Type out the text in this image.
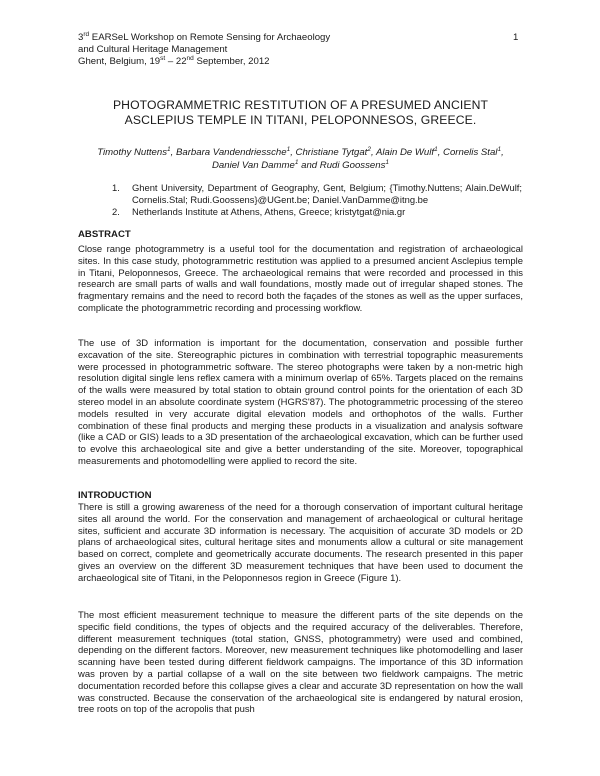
3rd EARSeL Workshop on Remote Sensing for Archaeology
and Cultural Heritage Management
Ghent, Belgium, 19st – 22nd September, 2012
1
PHOTOGRAMMETRIC RESTITUTION OF A PRESUMED ANCIENT
ASCLEPIUS TEMPLE IN TITANI, PELOPONNESOS, GREECE.
Timothy Nuttens$^1$, Barbara Vandendriessche$^1$, Christiane Tytgat$^2$, Alain De Wulf$^1$, Cornelis Stal$^1$,
Daniel Van Damme$^1$ and Rudi Goossens$^1$
1. Ghent University, Department of Geography, Gent, Belgium; {Timothy.Nuttens; Alain.DeWulf; Cornelis.Stal; Rudi.Goossens}@UGent.be; Daniel.VanDamme@itng.be
2. Netherlands Institute at Athens, Athens, Greece; kristytgat@nia.gr
ABSTRACT

Close range photogrammetry is a useful tool for the documentation and registration of archaeological sites. In this case study, photogrammetric restitution was applied to a presumed ancient Asclepius temple in Titani, Peloponnesos, Greece. The archaeological remains that were recorded and processed in this research are small parts of walls and wall foundations, mostly made out of irregular shaped stones. The fragmentary remains and the need to record both the façades of the stones as well as the upper surfaces, complicate the photogrammetric recording and processing workflow.

The use of 3D information is important for the documentation, conservation and possible further excavation of the site. Stereographic pictures in combination with terrestrial topographic measurements were processed in photogrammetric software. The stereo photographs were taken by a non-metric high resolution digital single lens reflex camera with a minimum overlap of 65%. Targets placed on the remains of the walls were measured by total station to obtain ground control points for the orientation of each 3D stereo model in an absolute coordinate system (HGRS'87). The photogrammetric processing of the stereo models resulted in very accurate digital elevation models and orthophotos of the walls. Further combination of these final products and merging these products in a visualization and analysis software (like a CAD or GIS) leads to a 3D presentation of the archaeological excavation, which can be further used to evolve this archaeological site and give a better understanding of the site. Moreover, topographical measurements and photomodelling were applied to record the site.

INTRODUCTION

There is still a growing awareness of the need for a thorough conservation of important cultural heritage sites all around the world. For the conservation and management of archaeological or cultural heritage sites, sufficient and accurate 3D information is necessary. The acquisition of accurate 3D models or 2D plans of archaeological sites, cultural heritage sites and monuments allow a cultural or site management based on correct, complete and geometrically accurate documents. The research presented in this paper gives an overview on the different 3D measurement techniques that have been used to document the archaeological site of Titani, in the Peloponnesos region in Greece (Figure 1).

The most efficient measurement technique to measure the different parts of the site depends on the specific field conditions, the types of objects and the required accuracy of the deliverables. Therefore, different measurement techniques (total station, GNSS, photogrammetry) were used and combined, depending on the different factors. Moreover, new measurement techniques like photomodelling and laser scanning have been tested during different fieldwork campaigns. The importance of this 3D information was proven by a partial collapse of a wall on the site between two fieldwork campaigns. The metric documentation recorded before this collapse gives a clear and accurate 3D representation on how the wall was constructed. Because the conservation of the archaeological site is endangered by natural erosion, tree roots on top of the acropolis that push
